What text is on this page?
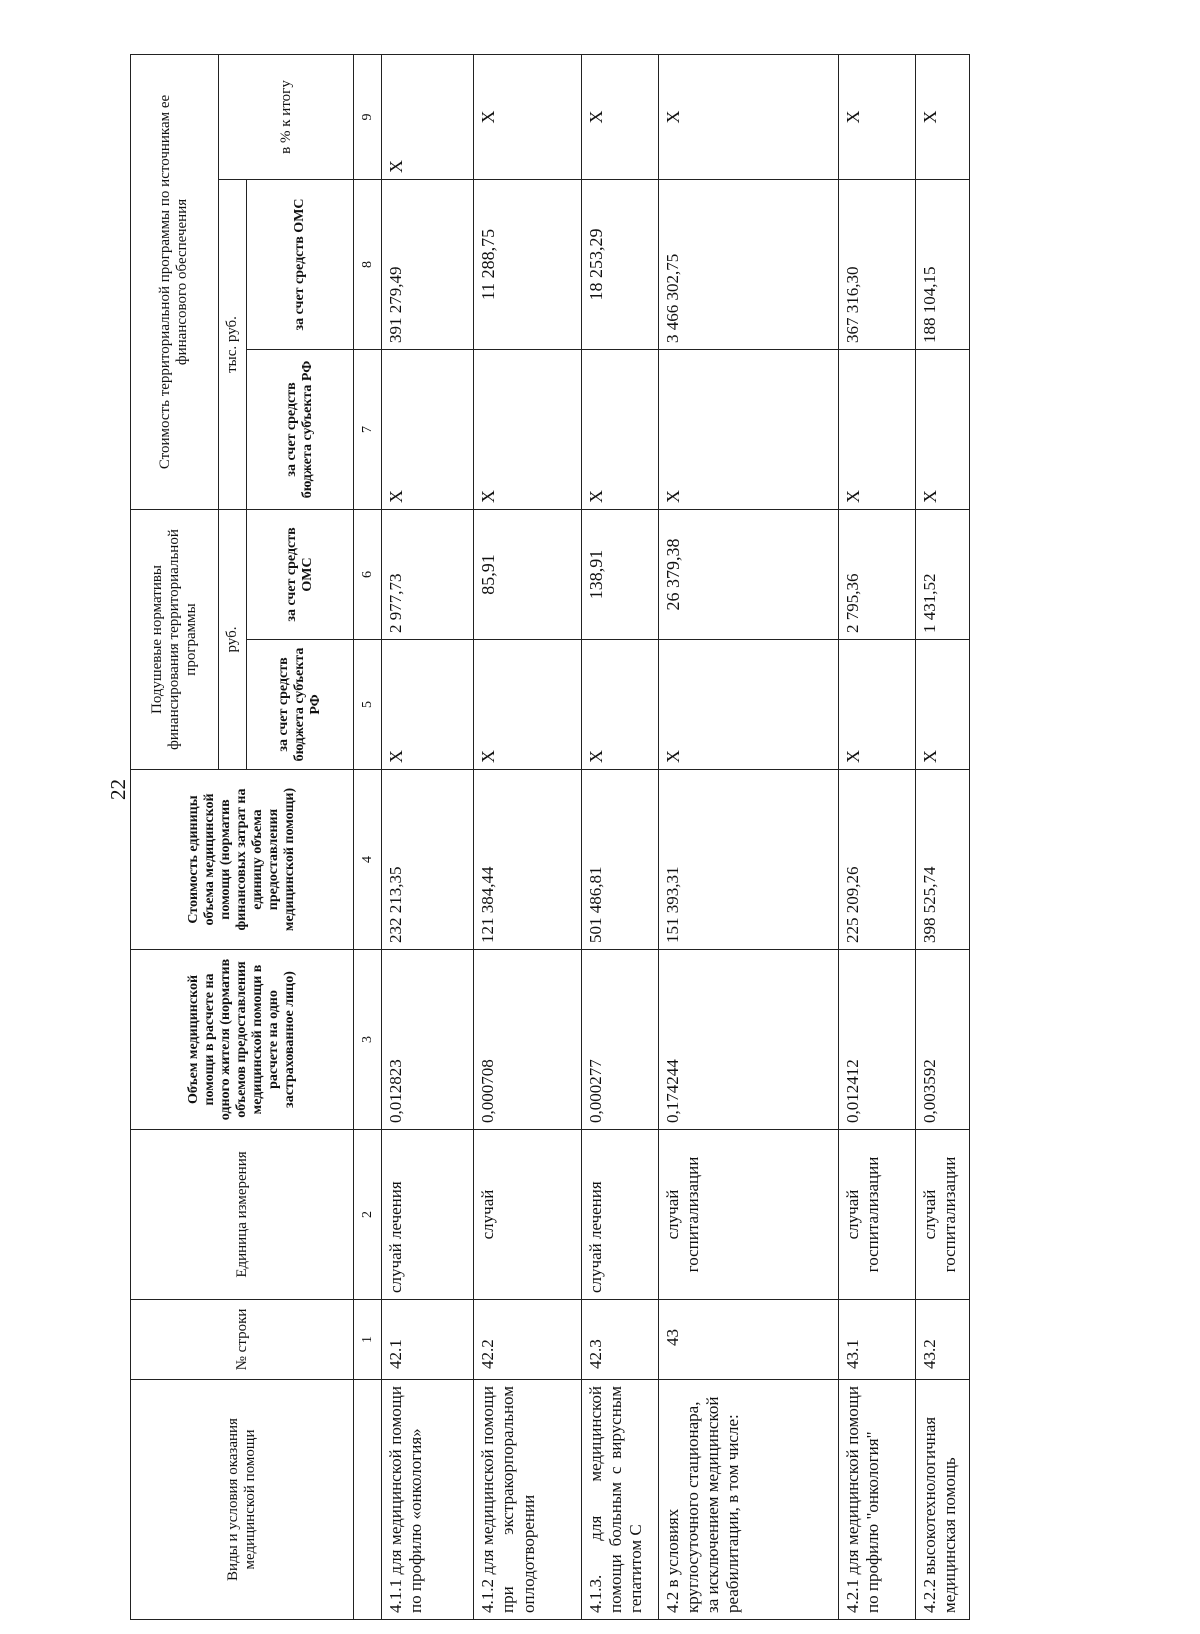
22
Виды и условия оказания медицинской помощи	№ строки	Единица измерения	Объем медицинской помощи в расчете на одного жителя (норматив объемов предоставления медицинской помощи в расчете на одно застрахованное лицо)	Стоимость единицы объема медицинской помощи (норматив финансовых затрат на единицу объема предоставления медицинской помощи)	Подушевые нормативы финансирования территориальной программы		Стоимость территориальной программы по источникам ее финансового обеспечения		
					руб.		тыс. руб.		в % к итогу
					за счет средств бюджета субъекта РФ	за счет средств ОМС	за счет средств бюджета субъекта РФ	за счет средств ОМС	
	1	2	3	4	5	6	7	8	9
4.1.1 для медицинской помощи по профилю «онкология»	42.1	случай лечения	0,012823	232 213,35	X	2 977,73	X	391 279,49	X
4.1.2 для медицинской помощи при экстракорпоральном оплодотворении	42.2	случай	0,000708	121 384,44	X	85,91	X	11 288,75	X
4.1.3. для медицинской помощи больным с вирусным гепатитом С	42.3	случай лечения	0,000277	501 486,81	X	138,91	X	18 253,29	X
4.2 в условиях круглосуточного стационара, за исключением медицинской реабилитации, в том числе:	43	случай госпитализации	0,174244	151 393,31	X	26 379,38	X	3 466 302,75	X
4.2.1 для медицинской помощи по профилю "онкология"	43.1	случай госпитализации	0,012412	225 209,26	X	2 795,36	X	367 316,30	X
4.2.2 высокотехнологичная медицинская помощь	43.2	случай госпитализации	0,003592	398 525,74	X	1 431,52	X	188 104,15	X
